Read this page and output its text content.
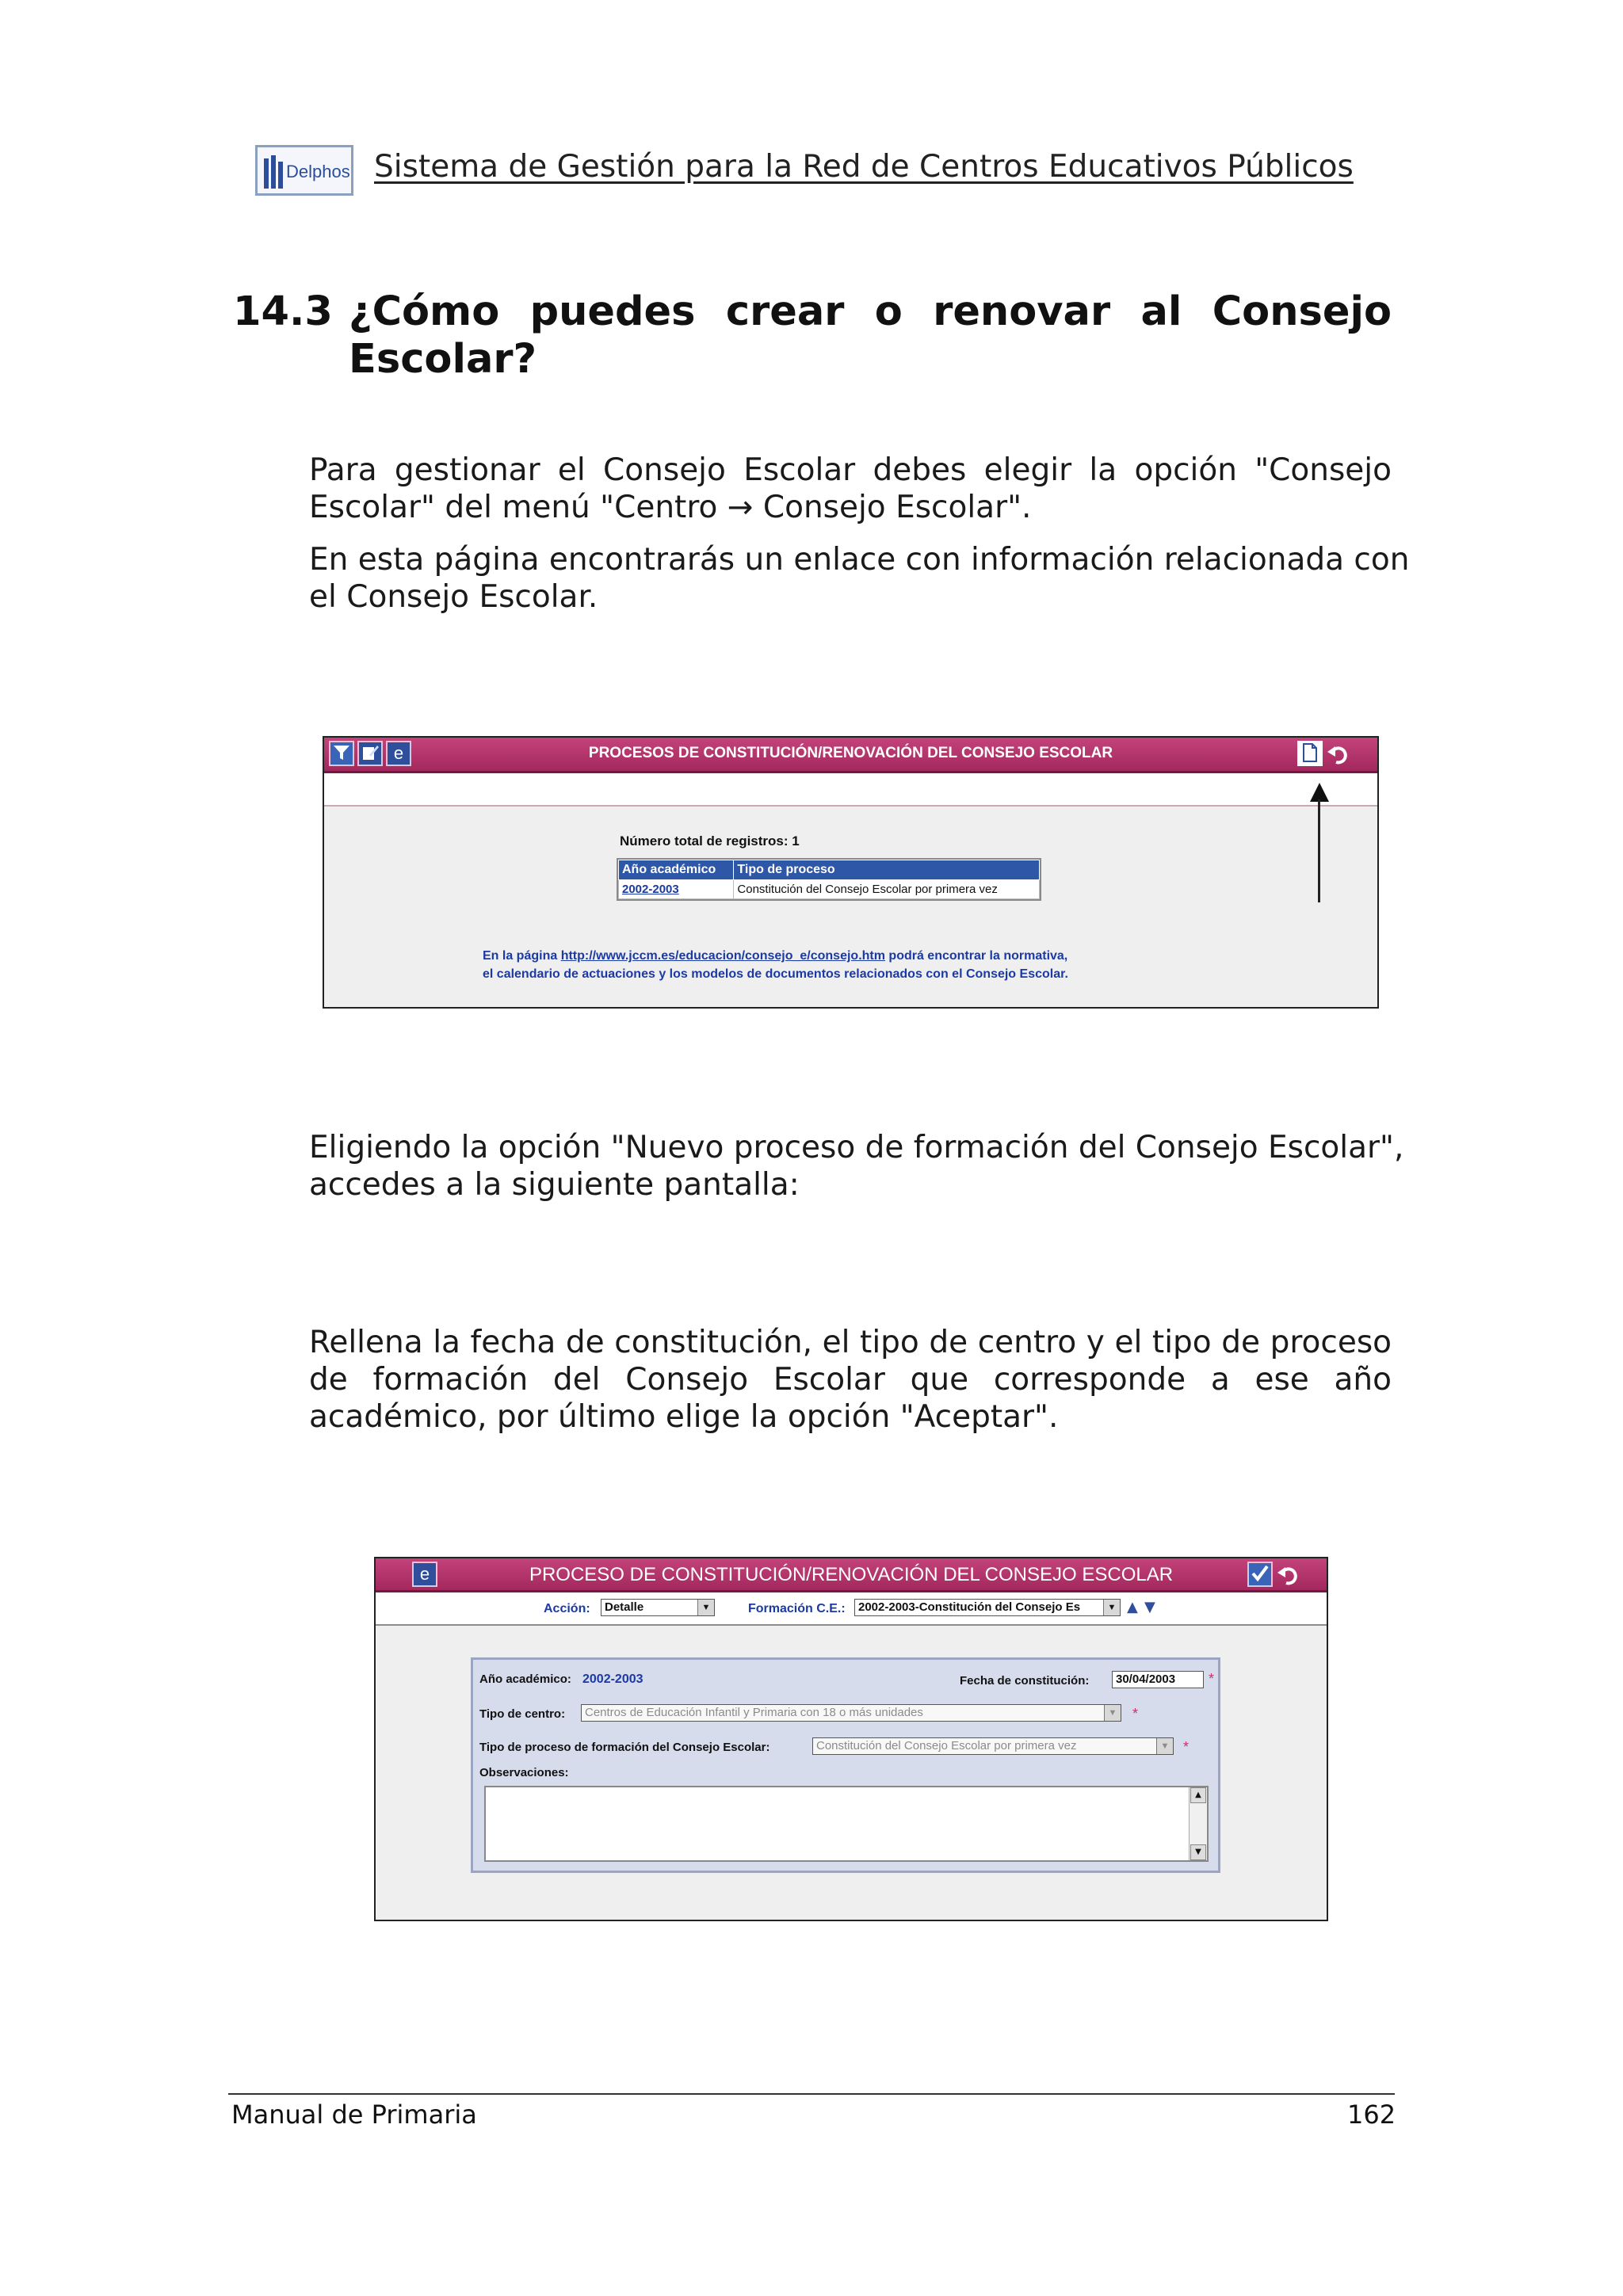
Delphos Sistema de Gestión para la Red de Centros Educativos Públicos
14.3 ¿Cómo puedes crear o renovar al Consejo
Escolar?
Para gestionar el Consejo Escolar debes elegir la opción "Consejo
Escolar" del menú "Centro → Consejo Escolar".
En esta página encontrarás un enlace con información relacionada con
el Consejo Escolar.
e	PROCESOS DE CONSTITUCIÓN/RENOVACIÓN DEL CONSEJO ESCOLAR
Número total de registros: 1
Año académico	Tipo de proceso
2002-2003	Constitución del Consejo Escolar por primera vez
En la página http://www.jccm.es/educacion/consejo_e/consejo.htm podrá encontrar la normativa,
el calendario de actuaciones y los modelos de documentos relacionados con el Consejo Escolar.
Eligiendo la opción "Nuevo proceso de formación del Consejo Escolar",
accedes a la siguiente pantalla:
Rellena la fecha de constitución, el tipo de centro y el tipo de proceso
de formación del Consejo Escolar que corresponde a ese año
académico, por último elige la opción "Aceptar".
e	PROCESO DE CONSTITUCIÓN/RENOVACIÓN DEL CONSEJO ESCOLAR
Acción:	Detalle	▼	Formación C.E.:	2002-2003-Constitución del Consejo Es	▼ ▲ ▼
Año académico: 2002-2003	Fecha de constitución:	30/04/2003	*
Tipo de centro:	Centros de Educación Infantil y Primaria con 18 o más unidades	▼ *
Tipo de proceso de formación del Consejo Escolar:	Constitución del Consejo Escolar por primera vez	▼ *
Observaciones:
▲
▼
Manual de Primaria	162
